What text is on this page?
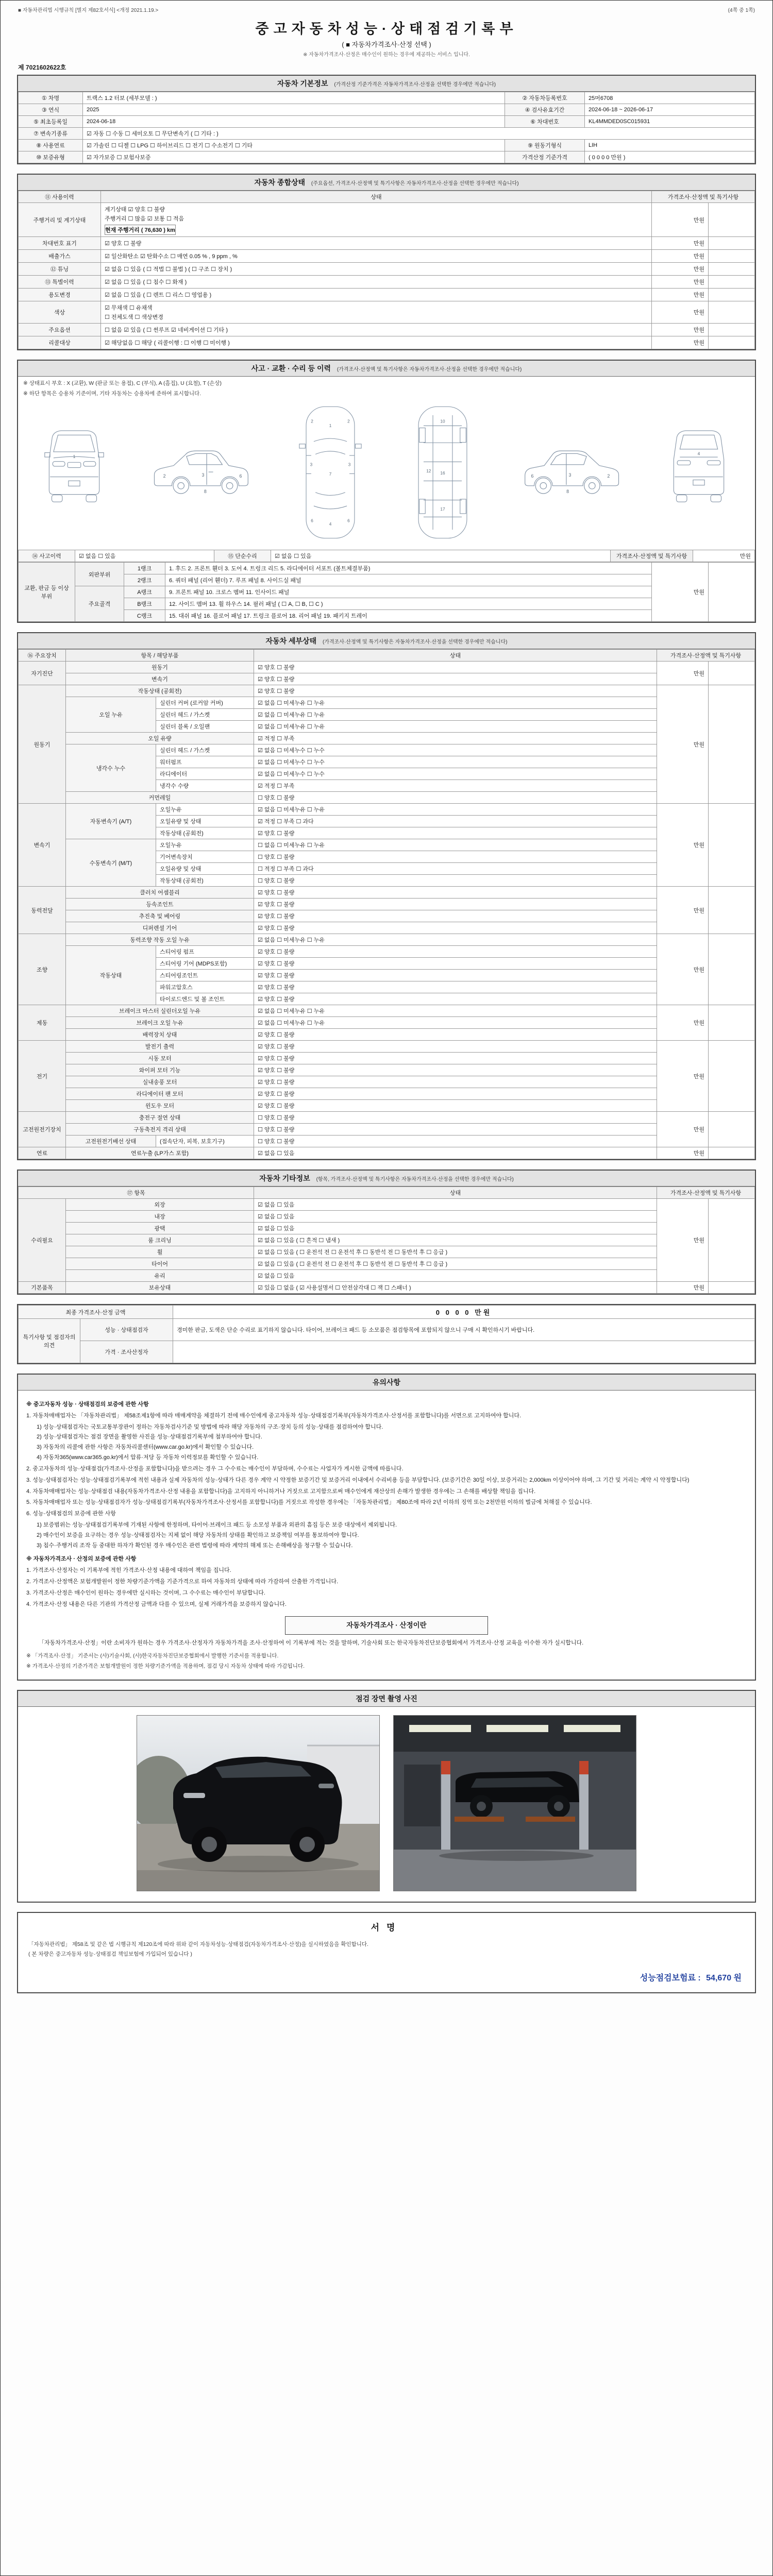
■ 자동차관리법 시행규칙 [별지 제82호서식] <개정 2021.1.19.>	(4쪽 중 1쪽)
중고자동차성능·상태점검기록부
( ■ 자동차가격조사·산정 선택 )
※ 자동차가격조사·산정은 매수인이 원하는 경우에 제공하는 서비스 입니다.
제 7021602622호
자동차 기본정보 (가격산정 기준가격은 자동차가격조사·산정을 선택한 경우에만 적습니다)
① 차명	트랙스 1.2 터보 (세부모델 : )	② 자동차등록번호	25머6708
③ 연식	2025	④ 검사유효기간	2024-06-18 ~ 2026-06-17
⑤ 최초등록일	2024-06-18	⑥ 차대번호	KL4MMDED0SC015931
⑦ 변속기종류	☑ 자동 ☐ 수동 ☐ 세미오토 ☐ 무단변속기 ( ☐ 기타 : )		
⑧ 사용연료	☑ 가솔린 ☐ 디젤 ☐ LPG ☐ 하이브리드 ☐ 전기 ☐ 수소전기 ☐ 기타	⑨ 원동기형식	LIH
⑩ 보증유형	☑ 자가보증 ☐ 보험사보증	가격산정 기준가격	( 0 0 0 0 만원 )
자동차 종합상태 (주요옵션, 가격조사·산정액 및 특기사항은 자동차가격조사·산정을 선택한 경우에만 적습니다)
⑪ 사용이력	상태	가격조사·산정액 및 특기사항	
주행거리 및 계기상태	계기상태 ☑ 양호 ☐ 불량
주행거리 ☐ 많음 ☑ 보통 ☐ 적음
현재 주행거리 ( 76,630 ) km	만원	
차대번호 표기	☑ 양호 ☐ 불량	만원	
배출가스	☑ 일산화탄소 ☑ 탄화수소 ☐ 매연 0.05 % , 9 ppm , %	만원	
⑫ 튜닝	☑ 없음 ☐ 있음 ( ☐ 적법 ☐ 불법 ) ( ☐ 구조 ☐ 장치 )	만원	
⑬ 특별이력	☑ 없음 ☐ 있음 ( ☐ 침수 ☐ 화재 )	만원	
용도변경	☑ 없음 ☐ 있음 ( ☐ 렌트 ☐ 리스 ☐ 영업용 )	만원	
색상	☑ 무채색 ☐ 유채색
☐ 전체도색 ☐ 색상변경	만원	
주요옵션	☐ 없음 ☑ 있음 ( ☐ 썬루프 ☑ 네비게이션 ☐ 기타 )	만원	
리콜대상	☑ 해당없음 ☐ 해당 ( 리콜이행 : ☐ 이행 ☐ 미이행 )	만원	
사고 · 교환 · 수리 등 이력 (가격조사·산정액 및 특기사항은 자동차가격조사·산정을 선택한 경우에만 적습니다)
※ 상태표시 부호 : X (교환), W (판금 또는 용접), C (부식), A (흠집), U (요철), T (손상)
※ 하단 항목은 승용차 기준이며, 기타 자동차는 승용차에 준하여 표시합니다.
1
2	3	6
8
1
7
4
2	2
3	3
6	6
10
12 16
17
2
3
6
8
4
⑭ 사고이력	☑ 없음 ☐ 있음	⑮ 단순수리	☑ 없음 ☐ 있음	가격조사·산정액 및 특기사항	만원
교환, 판금 등 이상 부위	외판부위	1랭크	1. 후드 2. 프론트 휀더 3. 도어 4. 트렁크 리드 5. 라디에이터 서포트 (볼트체결부품)	만원	
		2랭크	6. 쿼터 패널 (리어 휀더) 7. 루프 패널 8. 사이드실 패널		
	주요골격	A랭크	9. 프론트 패널 10. 크로스 멤버 11. 인사이드 패널		
		B랭크	12. 사이드 멤버 13. 휠 하우스 14. 필러 패널 ( ☐ A, ☐ B, ☐ C )		
		C랭크	15. 대쉬 패널 16. 플로어 패널 17. 트렁크 플로어 18. 리어 패널 19. 패키지 트레이		
자동차 세부상태 (가격조사·산정액 및 특기사항은 자동차가격조사·산정을 선택한 경우에만 적습니다)
⑯ 주요장치	항목 / 해당부품		상태	가격조사·산정액 및 특기사항	
자기진단	원동기		☑ 양호 ☐ 불량	만원	
	변속기		☑ 양호 ☐ 불량		
원동기	작동상태 (공회전)		☑ 양호 ☐ 불량	만원	
	오일 누유	실린더 커버 (로커암 커버)	☑ 없음 ☐ 미세누유 ☐ 누유		
		실린더 헤드 / 가스켓	☑ 없음 ☐ 미세누유 ☐ 누유		
		실린더 블록 / 오일팬	☑ 없음 ☐ 미세누유 ☐ 누유		
	오일 유량		☑ 적정 ☐ 부족		
	냉각수 누수	실린더 헤드 / 가스켓	☑ 없음 ☐ 미세누수 ☐ 누수		
		워터펌프	☑ 없음 ☐ 미세누수 ☐ 누수		
		라디에이터	☑ 없음 ☐ 미세누수 ☐ 누수		
		냉각수 수량	☑ 적정 ☐ 부족		
	커먼레일		☐ 양호 ☐ 불량		
변속기	자동변속기 (A/T)	오일누유	☑ 없음 ☐ 미세누유 ☐ 누유	만원	
		오일유량 및 상태	☑ 적정 ☐ 부족 ☐ 과다		
		작동상태 (공회전)	☑ 양호 ☐ 불량		
	수동변속기 (M/T)	오일누유	☐ 없음 ☐ 미세누유 ☐ 누유		
		기어변속장치	☐ 양호 ☐ 불량		
		오일유량 및 상태	☐ 적정 ☐ 부족 ☐ 과다		
		작동상태 (공회전)	☐ 양호 ☐ 불량		
동력전달	클러치 어셈블리		☑ 양호 ☐ 불량	만원	
	등속조인트		☑ 양호 ☐ 불량		
	추진축 및 베어링		☑ 양호 ☐ 불량		
	디퍼렌셜 기어		☑ 양호 ☐ 불량		
조향	동력조향 작동 오일 누유		☑ 없음 ☐ 미세누유 ☐ 누유	만원	
	작동상태	스티어링 펌프	☑ 양호 ☐ 불량		
		스티어링 기어 (MDPS포함)	☑ 양호 ☐ 불량		
		스티어링조인트	☑ 양호 ☐ 불량		
		파워고압호스	☑ 양호 ☐ 불량		
		타이로드엔드 및 볼 조인트	☑ 양호 ☐ 불량		
제동	브레이크 마스터 실린더오일 누유		☑ 없음 ☐ 미세누유 ☐ 누유	만원	
	브레이크 오일 누유		☑ 없음 ☐ 미세누유 ☐ 누유		
	배력장치 상태		☑ 양호 ☐ 불량		
전기	발전기 출력		☑ 양호 ☐ 불량	만원	
	시동 모터		☑ 양호 ☐ 불량		
	와이퍼 모터 기능		☑ 양호 ☐ 불량		
	실내송풍 모터		☑ 양호 ☐ 불량		
	라디에이터 팬 모터		☑ 양호 ☐ 불량		
	윈도우 모터		☑ 양호 ☐ 불량		
고전원전기장치	충전구 절연 상태		☐ 양호 ☐ 불량	만원	
	구동축전지 격리 상태		☐ 양호 ☐ 불량		
	고전원전기배선 상태	(접속단자, 피복, 보호기구)	☐ 양호 ☐ 불량		
연료	연료누출 (LP가스 포함)		☑ 없음 ☐ 있음	만원	
자동차 기타정보 (항목, 가격조사·산정액 및 특기사항은 자동차가격조사·산정을 선택한 경우에만 적습니다)
⑰ 항목		상태	가격조사·산정액 및 특기사항	
수리필요	외장	☑ 없음 ☐ 있음	만원	
	내장	☑ 없음 ☐ 있음		
	광택	☑ 없음 ☐ 있음		
	룸 크리닝	☑ 없음 ☐ 있음 ( ☐ 흔적 ☐ 냄새 )		
	휠	☑ 없음 ☐ 있음 ( ☐ 운전석 전 ☐ 운전석 후 ☐ 동반석 전 ☐ 동반석 후 ☐ 응급 )		
	타이어	☑ 없음 ☐ 있음 ( ☐ 운전석 전 ☐ 운전석 후 ☐ 동반석 전 ☐ 동반석 후 ☐ 응급 )		
	유리	☑ 없음 ☐ 있음		
기본품목	보유상태	☑ 있음 ☐ 없음 ( ☑ 사용설명서 ☐ 안전삼각대 ☐ 잭 ☐ 스패너 )	만원	
최종 가격조사·산정 금액		0 0 0 0 만원
특기사항 및 점검자의 의견	성능 · 상태점검자	경미한 판금, 도색은 단순 수리로 표기하지 않습니다. 타이어, 브레이크 패드 등 소모품은 점검항목에 포함되지 않으니 구매 시 확인하시기 바랍니다.
	가격 · 조사산정자	
유의사항
※ 중고자동차 성능 · 상태점검의 보증에 관한 사항
1. 자동차매매업자는 「자동차관리법」 제58조제1항에 따라 매매계약을 체결하기 전에 매수인에게 중고자동차 성능·상태점검기록부(자동차가격조사·산정서를 포함합니다)를 서면으로 고지하여야 합니다.
1) 성능·상태점검자는 국토교통부장관이 정하는 자동차검사기준 및 방법에 따라 해당 자동차의 구조·장치 등의 성능·상태를 점검하여야 합니다.
2) 성능·상태점검자는 점검 장면을 촬영한 사진을 성능·상태점검기록부에 첨부하여야 합니다.
3) 자동차의 리콜에 관한 사항은 자동차리콜센터(www.car.go.kr)에서 확인할 수 있습니다.
4) 자동차365(www.car365.go.kr)에서 압류·저당 등 자동차 이력정보를 확인할 수 있습니다.
2. 중고자동차의 성능·상태점검(가격조사·산정을 포함합니다)을 받으려는 경우 그 수수료는 매수인이 부담하며, 수수료는 사업자가 게시한 금액에 따릅니다.
3. 성능·상태점검자는 성능·상태점검기록부에 적힌 내용과 실제 자동차의 성능·상태가 다른 경우 계약 시 약정한 보증기간 및 보증거리 이내에서 수리비용 등을 부담합니다. (보증기간은 30일 이상, 보증거리는 2,000km 이상이어야 하며, 그 기간 및 거리는 계약 시 약정합니다)
4. 자동차매매업자는 성능·상태점검 내용(자동차가격조사·산정 내용을 포함합니다)을 고지하지 아니하거나 거짓으로 고지함으로써 매수인에게 재산상의 손해가 발생한 경우에는 그 손해를 배상할 책임을 집니다.
5. 자동차매매업자 또는 성능·상태점검자가 성능·상태점검기록부(자동차가격조사·산정서를 포함합니다)를 거짓으로 작성한 경우에는 「자동차관리법」 제80조에 따라 2년 이하의 징역 또는 2천만원 이하의 벌금에 처해질 수 있습니다.
6. 성능·상태점검의 보증에 관한 사항
1) 보증범위는 성능·상태점검기록부에 기재된 사항에 한정하며, 타이어·브레이크 패드 등 소모성 부품과 외관의 흠집 등은 보증 대상에서 제외됩니다.
2) 매수인이 보증을 요구하는 경우 성능·상태점검자는 지체 없이 해당 자동차의 상태를 확인하고 보증책임 여부를 통보하여야 합니다.
3) 침수·주행거리 조작 등 중대한 하자가 확인된 경우 매수인은 관련 법령에 따라 계약의 해제 또는 손해배상을 청구할 수 있습니다.
※ 자동차가격조사 · 산정의 보증에 관한 사항
1. 가격조사·산정자는 이 기록부에 적힌 가격조사·산정 내용에 대하여 책임을 집니다.
2. 가격조사·산정액은 보험개발원이 정한 차량기준가액을 기준가격으로 하여 자동차의 상태에 따라 가감하여 산출한 가격입니다.
3. 가격조사·산정은 매수인이 원하는 경우에만 실시하는 것이며, 그 수수료는 매수인이 부담합니다.
4. 가격조사·산정 내용은 다른 기관의 가격산정 금액과 다를 수 있으며, 실제 거래가격을 보증하지 않습니다.
자동차가격조사 · 산정이란
「자동차가격조사·산정」이란 소비자가 원하는 경우 가격조사·산정자가 자동차가격을 조사·산정하여 이 기록부에 적는 것을 말하며, 기술사회 또는 한국자동차진단보증협회에서 가격조사·산정 교육을 이수한 자가 실시합니다.
※ 「가격조사·산정」 기준서는 (사)기술사회, (사)한국자동차진단보증협회에서 발행한 기준서를 적용합니다.
※ 가격조사·산정의 기준가격은 보험개발원이 정한 차량기준가액을 적용하며, 점검 당시 자동차 상태에 따라 가감됩니다.
점검 장면 촬영 사진
서명
「자동차관리법」 제58조 및 같은 법 시행규칙 제120조에 따라 위와 같이 자동차성능·상태점검(자동차가격조사·산정)을 실시하였음을 확인합니다.
( 본 차량은 중고자동차 성능·상태점검 책임보험에 가입되어 있습니다 )
성능점검보험료 : 54,670 원
